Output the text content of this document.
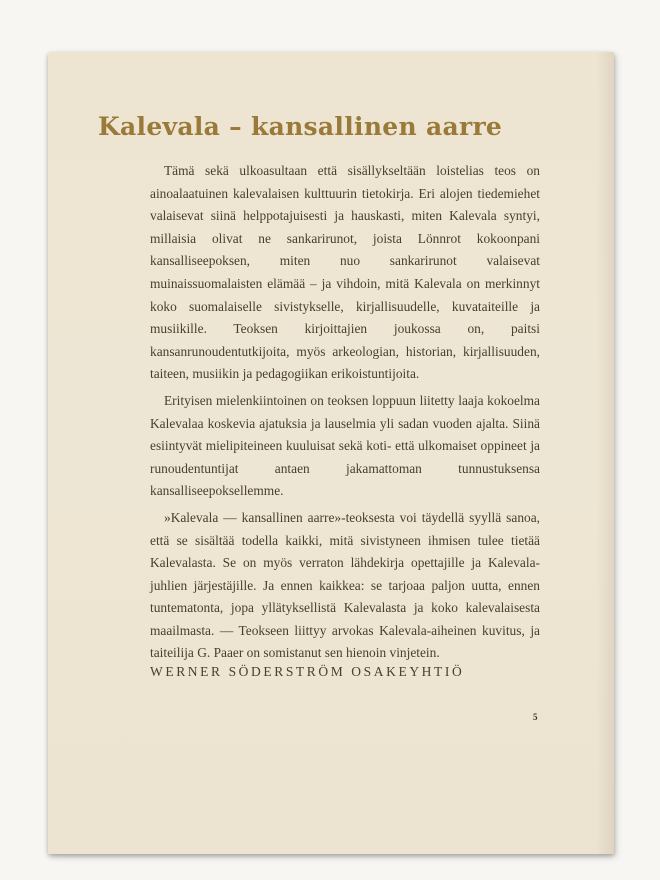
Kalevala – kansallinen aarre

Tämä sekä ulkoasultaan että sisällykseltään loistelias teos on ainoalaatuinen kalevalaisen kulttuurin tietokirja. Eri alojen tiedemiehet valaisevat siinä helppotajuisesti ja hauskasti, miten Kalevala syntyi, millaisia olivat ne sankarirunot, joista Lönnrot kokoonpani kansalliseepoksen, miten nuo sankarirunot valaisevat muinaissuomalaisten elämää – ja vihdoin, mitä Kalevala on merkinnyt koko suomalaiselle sivistykselle, kirjallisuudelle, kuvataiteille ja musiikille. Teoksen kirjoittajien joukossa on, paitsi kansanrunoudentutkijoita, myös arkeologian, historian, kirjallisuuden, taiteen, musiikin ja pedagogiikan erikoistuntijoita.

Erityisen mielenkiintoinen on teoksen loppuun liitetty laaja kokoelma Kalevalaa koskevia ajatuksia ja lauselmia yli sadan vuoden ajalta. Siinä esiintyvät mielipiteineen kuuluisat sekä koti- että ulkomaiset oppineet ja runoudentuntijat antaen jakamattoman tunnustuksensa kansalliseepoksellemme.

»Kalevala — kansallinen aarre»-teoksesta voi täydellä syyllä sanoa, että se sisältää todella kaikki, mitä sivistyneen ihmisen tulee tietää Kalevalasta. Se on myös verraton lähdekirja opettajille ja Kalevala-juhlien järjestäjille. Ja ennen kaikkea: se tarjoaa paljon uutta, ennen tuntematonta, jopa yllätyksellistä Kalevalasta ja koko kalevalaisesta maailmasta. — Teokseen liittyy arvokas Kalevala-aiheinen kuvitus, ja taiteilija G. Paaer on somistanut sen hienoin vinjetein.

WERNER SÖDERSTRÖM OSAKEYHTIÖ
5
